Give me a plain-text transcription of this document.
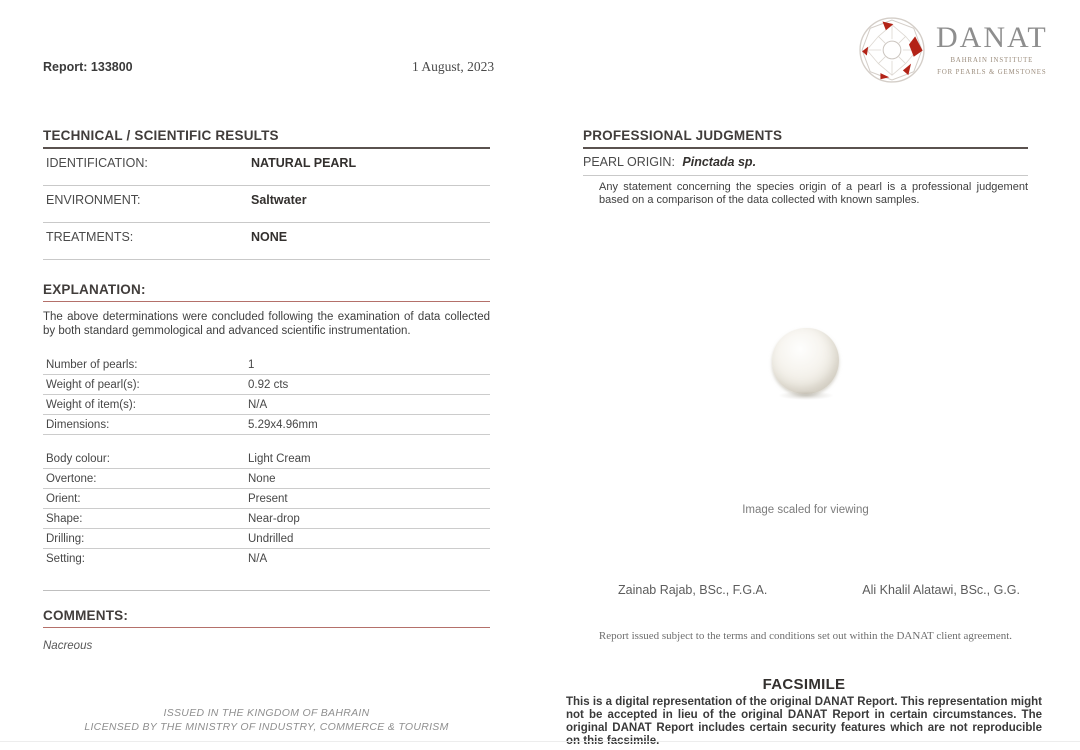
Report: 133800	1 August, 2023
DANAT
BAHRAIN INSTITUTE
FOR PEARLS & GEMSTONES
TECHNICAL / SCIENTIFIC RESULTS
IDENTIFICATION:	NATURAL PEARL
ENVIRONMENT:	Saltwater
TREATMENTS:	NONE
EXPLANATION:
The above determinations were concluded following the examination of data collected by both standard gemmological and advanced scientific instrumentation.
Number of pearls:	1
Weight of pearl(s):	0.92 cts
Weight of item(s):	N/A
Dimensions:	5.29x4.96mm
Body colour:	Light Cream
Overtone:	None
Orient:	Present
Shape:	Near-drop
Drilling:	Undrilled
Setting:	N/A
COMMENTS:
Nacreous
PROFESSIONAL JUDGMENTS
PEARL ORIGIN: Pinctada sp.
Any statement concerning the species origin of a pearl is a professional judgement based on a comparison of the data collected with known samples.
Image scaled for viewing
Zainab Rajab, BSc., F.G.A.	Ali Khalil Alatawi, BSc., G.G.
Report issued subject to the terms and conditions set out within the DANAT client agreement.
FACSIMILE
This is a digital representation of the original DANAT Report. This representation might not be accepted in lieu of the original DANAT Report in certain circumstances. The original DANAT Report includes certain security features which are not reproducible on this facsimile.
ISSUED IN THE KINGDOM OF BAHRAIN
LICENSED BY THE MINISTRY OF INDUSTRY, COMMERCE & TOURISM
